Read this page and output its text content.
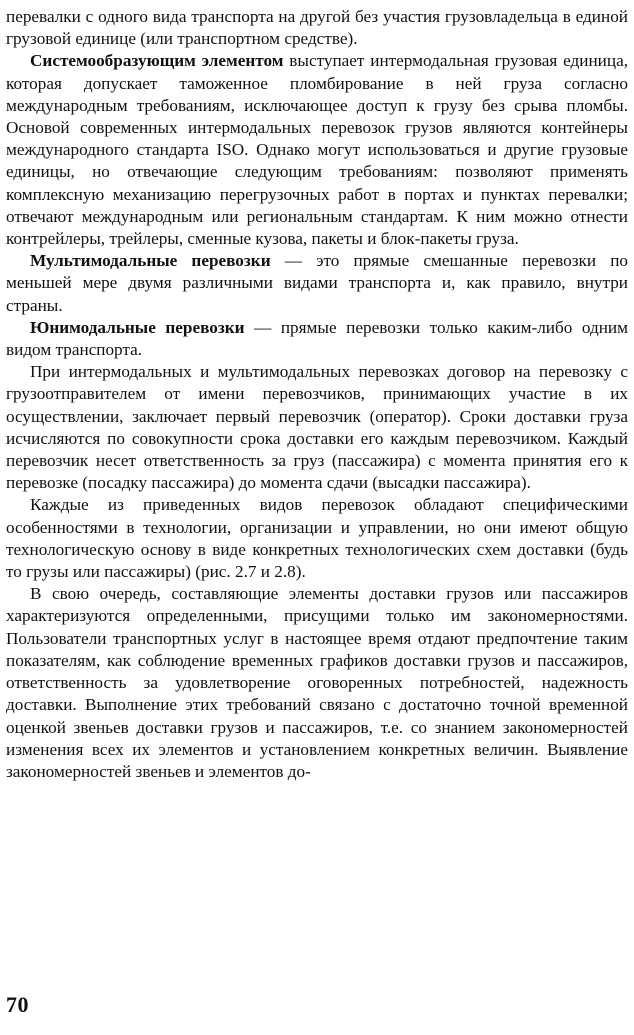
перевалки с одного вида транспорта на другой без участия грузовладельца в единой грузовой единице (или транспортном средстве).

Системообразующим элементом выступает интермодальная грузовая единица, которая допускает таможенное пломбирование в ней груза согласно международным требованиям, исключающее доступ к грузу без срыва пломбы. Основой современных интермодальных перевозок грузов являются контейнеры международного стандарта ISO. Однако могут использоваться и другие грузовые единицы, но отвечающие следующим требованиям: позволяют применять комплексную механизацию перегрузочных работ в портах и пунктах перевалки; отвечают международным или региональным стандартам. К ним можно отнести контрейлеры, трейлеры, сменные кузова, пакеты и блок-пакеты груза.

Мультимодальные перевозки — это прямые смешанные перевозки по меньшей мере двумя различными видами транспорта и, как правило, внутри страны.

Юнимодальные перевозки — прямые перевозки только каким-либо одним видом транспорта.

При интермодальных и мультимодальных перевозках договор на перевозку с грузоотправителем от имени перевозчиков, принимающих участие в их осуществлении, заключает первый перевозчик (оператор). Сроки доставки груза исчисляются по совокупности срока доставки его каждым перевозчиком. Каждый перевозчик несет ответственность за груз (пассажира) с момента принятия его к перевозке (посадку пассажира) до момента сдачи (высадки пассажира).

Каждые из приведенных видов перевозок обладают специфическими особенностями в технологии, организации и управлении, но они имеют общую технологическую основу в виде конкретных технологических схем доставки (будь то грузы или пассажиры) (рис. 2.7 и 2.8).

В свою очередь, составляющие элементы доставки грузов или пассажиров характеризуются определенными, присущими только им закономерностями. Пользователи транспортных услуг в настоящее время отдают предпочтение таким показателям, как соблюдение временных графиков доставки грузов и пассажиров, ответственность за удовлетворение оговоренных потребностей, надежность доставки. Выполнение этих требований связано с достаточно точной временной оценкой звеньев доставки грузов и пассажиров, т.е. со знанием закономерностей изменения всех их элементов и установлением конкретных величин. Выявление закономерностей звеньев и элементов до-

70
